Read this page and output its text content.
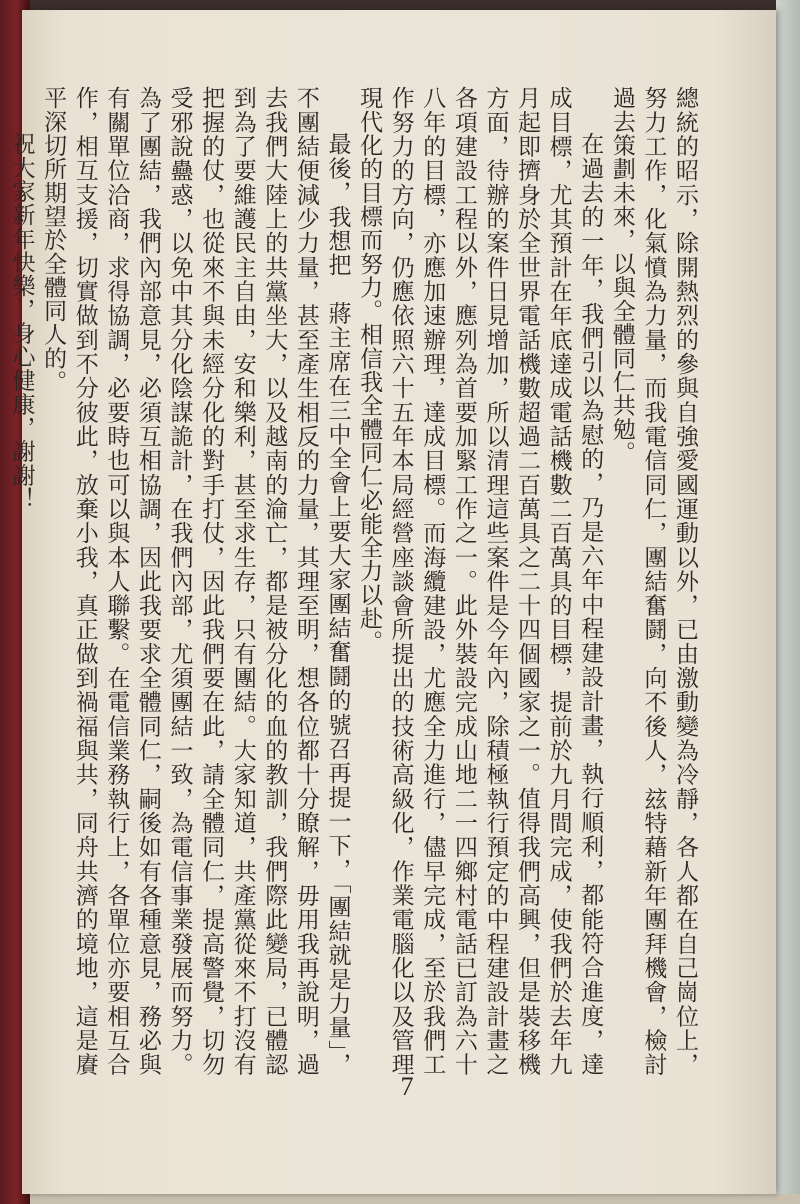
總統的昭示，除開熱烈的參與自強愛國運動以外，已由激動變為冷靜，各人都在自己崗位上，努力工作，化氣憤為力量，而我電信同仁，團結奮鬪，向不後人，玆特藉新年團拜機會，檢討過去策劃未來，以與全體同仁共勉。

在過去的一年，我們引以為慰的，乃是六年中程建設計畫，執行順利，都能符合進度，達成目標，尤其預計在年底達成電話機數二百萬具的目標，提前於九月間完成，使我們於去年九月起即擠身於全世界電話機數超過二百萬具之二十四個國家之一。值得我們高興，但是裝移機方面，待辦的案件日見增加，所以清理這些案件是今年內，除積極執行預定的中程建設計畫之各項建設工程以外，應列為首要加緊工作之一。此外裝設完成山地二一四鄉村電話已訂為六十八年的目標，亦應加速辦理，達成目標。而海纜建設，尤應全力進行，儘早完成，至於我們工作努力的方向，仍應依照六十五年本局經營座談會所提出的技術高級化，作業電腦化以及管理現代化的目標而努力。相信我全體同仁必能全力以赴。

最後，我想把　蔣主席在三中全會上要大家團結奮鬪的號召再提一下，「團結就是力量」，不團結便減少力量，甚至產生相反的力量，其理至明，想各位都十分瞭解，毋用我再說明，過去我們大陸上的共黨坐大，以及越南的淪亡，都是被分化的血的教訓，我們際此變局，已體認到為了要維護民主自由，安和樂利，甚至求生存，只有團結。大家知道，共產黨從來不打沒有把握的仗，也從來不與未經分化的對手打仗，因此我們要在此，請全體同仁，提高警覺，切勿受邪說蠱惑，以免中其分化陰謀詭計，在我們內部，尤須團結一致，為電信事業發展而努力。為了團結，我們內部意見，必須互相協調，因此我要求全體同仁，嗣後如有各種意見，務必與有關單位洽商，求得協調，必要時也可以與本人聯繫。在電信業務執行上，各單位亦要相互合作，相互支援，切實做到不分彼此，放棄小我，真正做到禍福與共，同舟共濟的境地，這是賡平深切所期望於全體同人的。

祝大家新年快樂，身心健康，謝謝！

7
